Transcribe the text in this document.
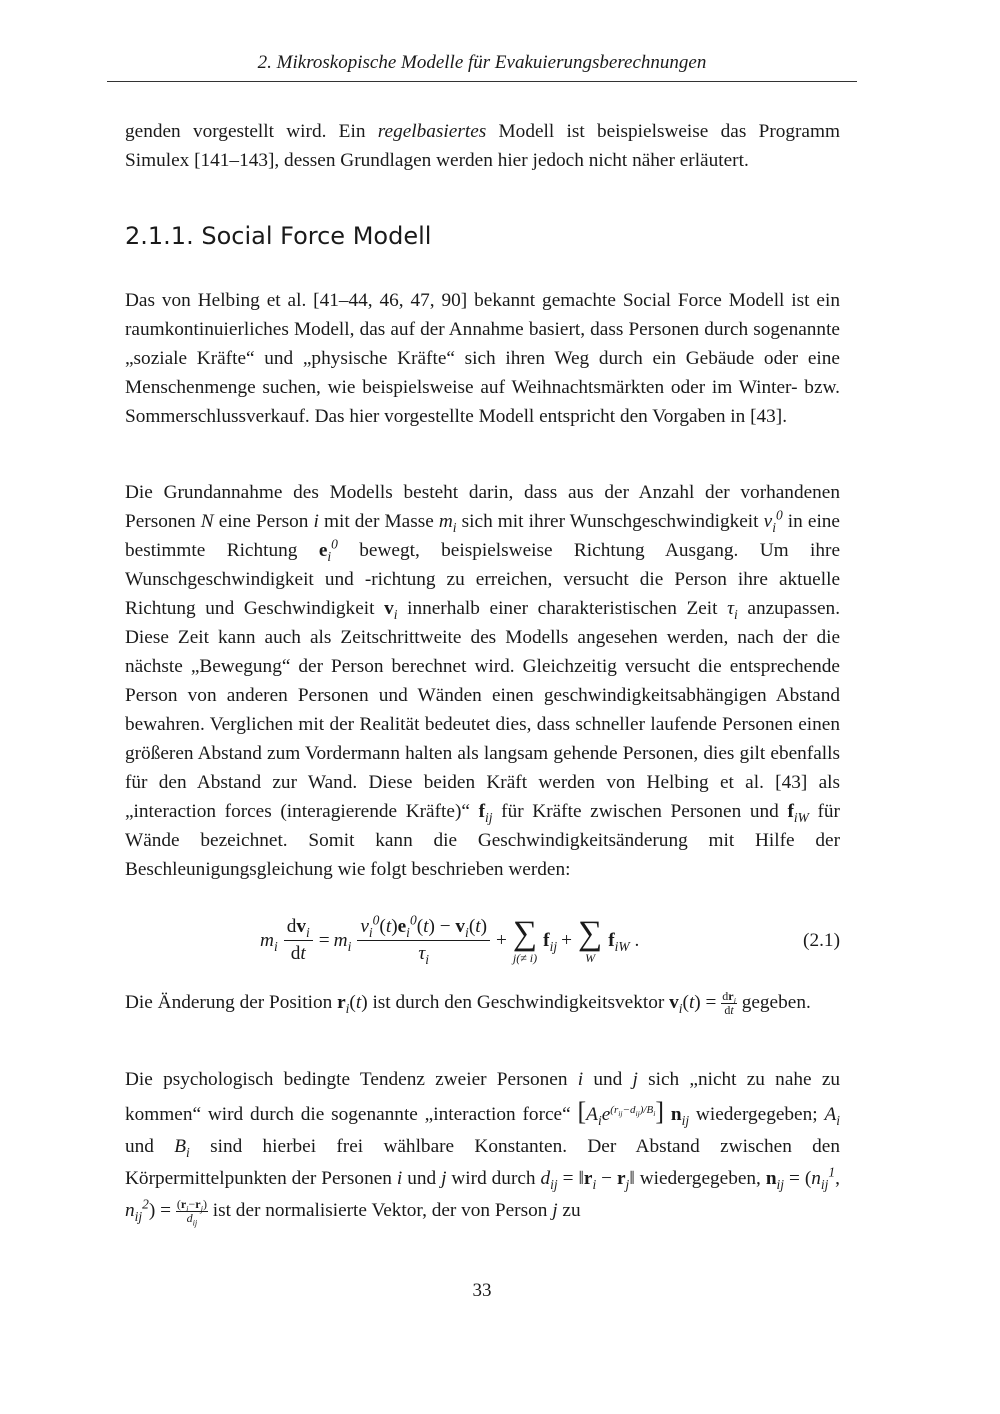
2. Mikroskopische Modelle für Evakuierungsberechnungen

genden vorgestellt wird. Ein regelbasiertes Modell ist beispielsweise das Programm Simulex [141–143], dessen Grundlagen werden hier jedoch nicht näher erläutert.

2.1.1. Social Force Modell

Das von Helbing et al. [41–44, 46, 47, 90] bekannt gemachte Social Force Modell ist ein raumkontinuierliches Modell, das auf der Annahme basiert, dass Personen durch sogenannte „soziale Kräfte“ und „physische Kräfte“ sich ihren Weg durch ein Gebäude oder eine Menschenmenge suchen, wie beispielsweise auf Weihnachtsmärkten oder im Winter- bzw. Sommerschlussverkauf. Das hier vorgestellte Modell entspricht den Vorgaben in [43].

Die Grundannahme des Modells besteht darin, dass aus der Anzahl der vorhandenen Personen N eine Person i mit der Masse $m_i$ sich mit ihrer Wunschgeschwindigkeit $v_i^0$ in eine bestimmte Richtung $e_i^0$ bewegt, beispielsweise Richtung Ausgang. Um ihre Wunschgeschwindigkeit und -richtung zu erreichen, versucht die Person ihre aktuelle Richtung und Geschwindigkeit $v_i$ innerhalb einer charakteristischen Zeit $\tau_i$ anzupassen. Diese Zeit kann auch als Zeitschrittweite des Modells angesehen werden, nach der die nächste „Bewegung“ der Person berechnet wird. Gleichzeitig versucht die entsprechende Person von anderen Personen und Wänden einen geschwindigkeitsabhängigen Abstand bewahren. Verglichen mit der Realität bedeutet dies, dass schneller laufende Personen einen größeren Abstand zum Vordermann halten als langsam gehende Personen, dies gilt ebenfalls für den Abstand zur Wand. Diese beiden Kräft werden von Helbing et al. [43] als „interaction forces (interagierende Kräfte)“ $f_{ij}$ für Kräfte zwischen Personen und $f_{iW}$ für Wände bezeichnet. Somit kann die Geschwindigkeitsänderung mit Hilfe der Beschleunigungsgleichung wie folgt beschrieben werden:

$m_i \frac{dv_i}{dt} = m_i \frac{v_i^0(t)e_i^0(t) - v_i(t)}{\tau_i}$ + ∑
j(≠ i)
$f_{ij}$ + ∑
W
$f_{iW}$ .	(2.1)

Die Änderung der Position $r_i(t)$ ist durch den Geschwindigkeitsvektor $v_i(t) = \frac{dr_i}{dt}$ gegeben.

Die psychologisch bedingte Tendenz zweier Personen i und j sich „nicht zu nahe zu kommen“ wird durch die sogenannte „interaction force“ $[A_ie^{(r_{ij}-d_{ij})/B_i}]$ $n_{ij}$ wiedergegeben; $A_i$ und $B_i$ sind hierbei frei wählbare Konstanten. Der Abstand zwischen den Körpermittelpunkten der Personen i und j wird durch $d_{ij}$ = $‖r_i$ − $r_j‖$ wiedergegeben, $n_{ij} = (n_{ij}^1$, $n_{ij}^2) = \frac{(r_i-r_j)}{d_{ij}}$ ist der normalisierte Vektor, der von Person j zu

33
